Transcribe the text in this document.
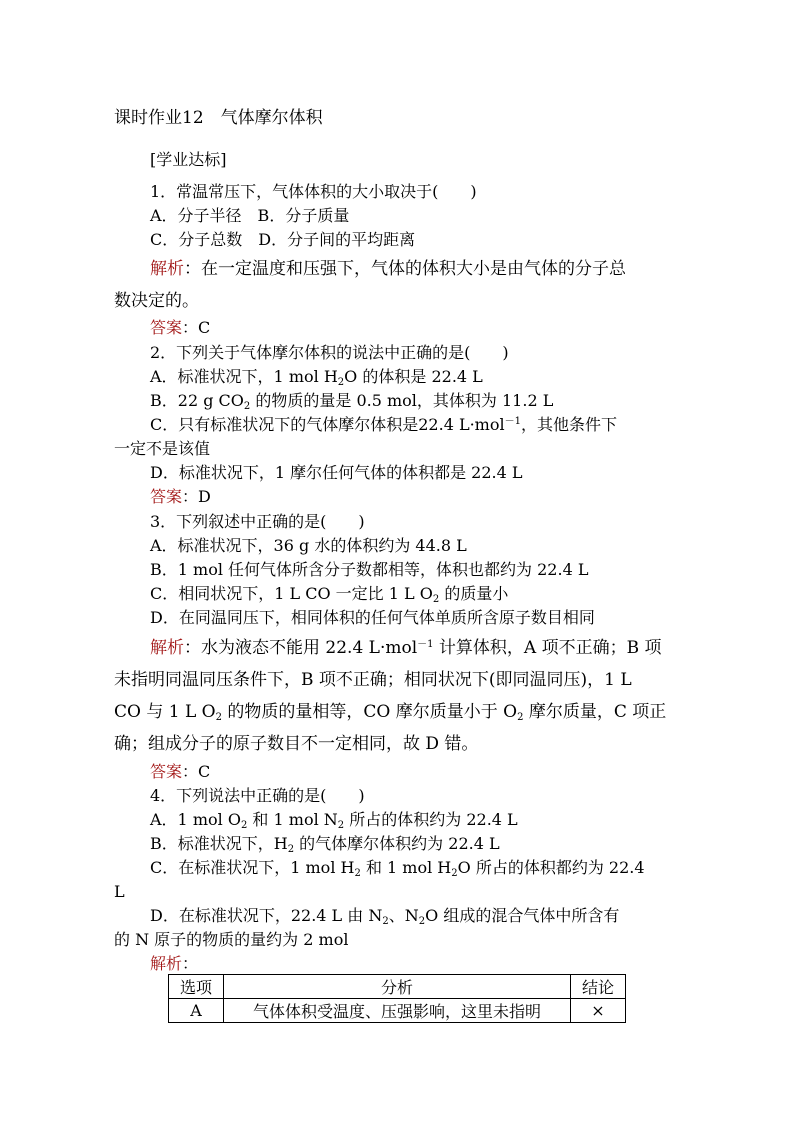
课时作业12　气体摩尔体积
[学业达标]
1．常温常压下，气体体积的大小取决于(　　)
A．分子半径　B．分子质量
C．分子总数　D．分子间的平均距离
解析：在一定温度和压强下，气体的体积大小是由气体的分子总
数决定的。
答案：C
2．下列关于气体摩尔体积的说法中正确的是(　　)
A．标准状况下，1 mol $H_2O$ 的体积是 22.4 L
B．22 g $CO_2$ 的物质的量是 0.5 mol，其体积为 11.2 L
C．只有标准状况下的气体摩尔体积是22.4 L·mol$^{-1}$，其他条件下
一定不是该值
D．标准状况下，1 摩尔任何气体的体积都是 22.4 L
答案：D
3．下列叙述中正确的是(　　)
A．标准状况下，36 g 水的体积约为 44.8 L
B．1 mol 任何气体所含分子数都相等，体积也都约为 22.4 L
C．相同状况下，1 L CO 一定比 1 L $O_2$ 的质量小
D．在同温同压下，相同体积的任何气体单质所含原子数目相同
解析：水为液态不能用 22.4 L·mol$^{-1}$ 计算体积，A 项不正确；B 项
未指明同温同压条件下，B 项不正确；相同状况下(即同温同压)，1 L
CO 与 1 L $O_2$ 的物质的量相等，CO 摩尔质量小于 $O_2$ 摩尔质量，C 项正
确；组成分子的原子数目不一定相同，故 D 错。
答案：C
4．下列说法中正确的是(　　)
A．1 mol $O_2$ 和 1 mol $N_2$ 所占的体积约为 22.4 L
B．标准状况下，$H_2$ 的气体摩尔体积约为 22.4 L
C．在标准状况下，1 mol $H_2$ 和 1 mol $H_2O$ 所占的体积都约为 22.4
L
D．在标准状况下，22.4 L 由 $N_2$、$N_2O$ 组成的混合气体中所含有
的 N 原子的物质的量约为 2 mol
解析：
选项	分析	结论
A	气体体积受温度、压强影响，这里未指明	×
